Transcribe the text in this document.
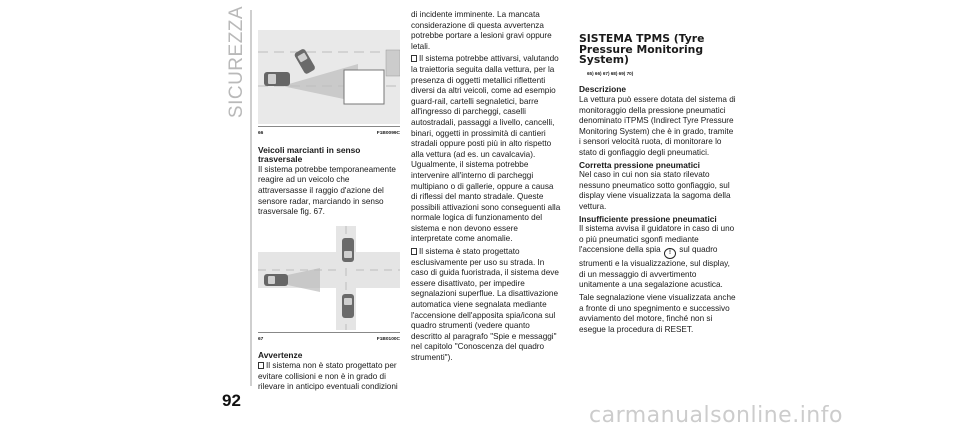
SICUREZZA
92
66	F1B0099C
Veicoli marcianti in senso trasversale

Il sistema potrebbe temporaneamente reagire ad un veicolo che attraversasse il raggio d'azione del sensore radar, marciando in senso trasversale fig. 67.

67	F1B0100C
Avvertenze

Il sistema non è stato progettato per evitare collisioni e non è in grado di rilevare in anticipo eventuali condizioni

di incidente imminente. La mancata considerazione di questa avvertenza potrebbe portare a lesioni gravi oppure letali.

Il sistema potrebbe attivarsi, valutando la traiettoria seguita dalla vettura, per la presenza di oggetti metallici riflettenti diversi da altri veicoli, come ad esempio guard-rail, cartelli segnaletici, barre all'ingresso di parcheggi, caselli autostradali, passaggi a livello, cancelli, binari, oggetti in prossimità di cantieri stradali oppure posti più in alto rispetto alla vettura (ad es. un cavalcavia). Ugualmente, il sistema potrebbe intervenire all'interno di parcheggi multipiano o di gallerie, oppure a causa di riflessi del manto stradale. Queste possibili attivazioni sono conseguenti alla normale logica di funzionamento del sistema e non devono essere interpretate come anomalie.

Il sistema è stato progettato esclusivamente per uso su strada. In caso di guida fuoristrada, il sistema deve essere disattivato, per impedire segnalazioni superflue. La disattivazione automatica viene segnalata mediante l'accensione dell'apposita spia/icona sul quadro strumenti (vedere quanto descritto al paragrafo "Spie e messaggi" nel capitolo "Conoscenza del quadro strumenti").

SISTEMA TPMS (Tyre Pressure Monitoring System)
65) 66) 67) 68) 69) 70)
Descrizione

La vettura può essere dotata del sistema di monitoraggio della pressione pneumatici denominato iTPMS (Indirect Tyre Pressure Monitoring System) che è in grado, tramite i sensori velocità ruota, di monitorare lo stato di gonfiaggio degli pneumatici.

Corretta pressione pneumatici

Nel caso in cui non sia stato rilevato nessuno pneumatico sotto gonfiaggio, sul display viene visualizzata la sagoma della vettura.

Insufficiente pressione pneumatici

Il sistema avvisa il guidatore in caso di uno o più pneumatici sgonfi mediante l'accensione della spia ! sul quadro strumenti e la visualizzazione, sul display, di un messaggio di avvertimento unitamente a una segalazione acustica.

Tale segnalazione viene visualizzata anche a fronte di uno spegnimento e successivo avviamento del motore, finché non si esegue la procedura di RESET.

carmanualsonline.info
